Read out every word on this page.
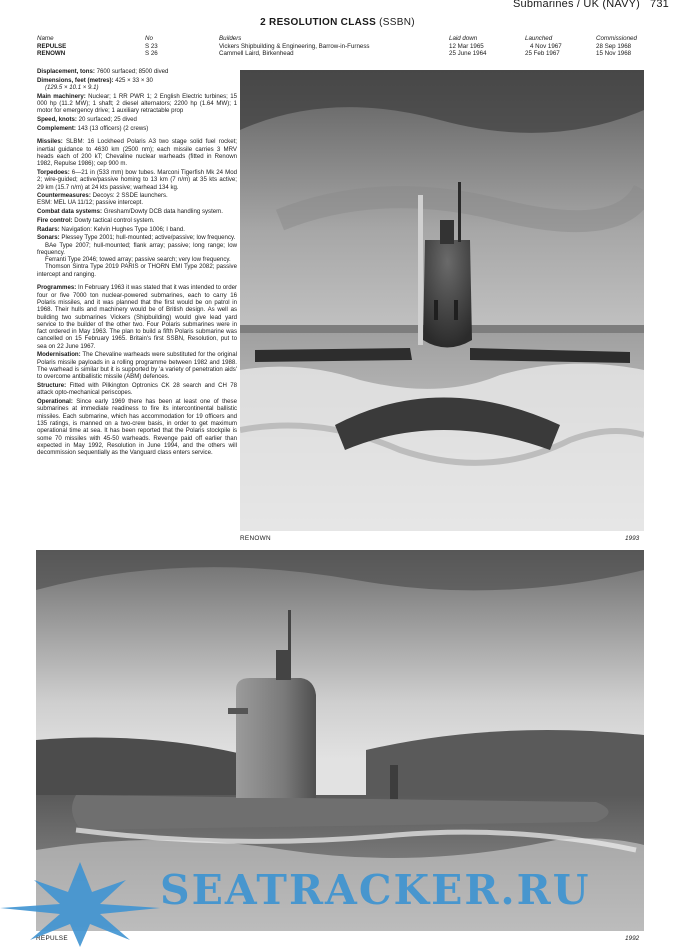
Submarines / UK (NAVY) 731
2 RESOLUTION CLASS (SSBN)
Name	No	Builders	Laid down	Launched	Commissioned
REPULSE	S 23	Vickers Shipbuilding & Engineering, Barrow-in-Furness	12 Mar 1965	4 Nov 1967	28 Sep 1968
RENOWN	S 26	Cammell Laird, Birkenhead	25 June 1964	25 Feb 1967	15 Nov 1968

Displacement, tons: 7600 surfaced; 8500 dived

Dimensions, feet (metres): 425 × 33 × 30
(129.5 × 10.1 × 9.1)

Main machinery: Nuclear; 1 RR PWR 1; 2 English Electric turbines; 15 000 hp (11.2 MW); 1 shaft; 2 diesel alternators; 2200 hp (1.64 MW); 1 motor for emergency drive; 1 auxiliary retractable prop

Speed, knots: 20 surfaced; 25 dived

Complement: 143 (13 officers) (2 crews)

Missiles: SLBM: 16 Lockheed Polaris A3 two stage solid fuel rocket; inertial guidance to 4630 km (2500 nm); each missile carries 3 MRV heads each of 200 kT; Chevaline nuclear warheads (fitted in Renown 1982, Repulse 1986); cep 900 m.

Torpedoes: 6—21 in (533 mm) bow tubes. Marconi Tigerfish Mk 24 Mod 2; wire-guided; active/passive homing to 13 km (7 n/m) at 35 kts active; 29 km (15.7 n/m) at 24 kts passive; warhead 134 kg.

Countermeasures: Decoys: 2 SSDE launchers.
ESM: MEL UA 11/12; passive intercept.

Combat data systems: Gresham/Dowty DCB data handling system.

Fire control: Dowty tactical control system.

Radars: Navigation: Kelvin Hughes Type 1006; I band.

Sonars: Plessey Type 2001; hull-mounted; active/passive; low frequency.
BAe Type 2007; hull-mounted; flank array; passive; long range; low frequency.
Ferranti Type 2046; towed array; passive search; very low frequency.
Thomson Sintra Type 2019 PARIS or THORN EMI Type 2082; passive intercept and ranging.

Programmes: In February 1963 it was stated that it was intended to order four or five 7000 ton nuclear-powered submarines, each to carry 16 Polaris missiles, and it was planned that the first would be on patrol in 1968. Their hulls and machinery would be of British design. As well as building two submarines Vickers (Shipbuilding) would give lead yard service to the builder of the other two. Four Polaris submarines were in fact ordered in May 1963. The plan to build a fifth Polaris submarine was cancelled on 15 February 1965. Britain's first SSBN, Resolution, put to sea on 22 June 1967.

Modernisation: The Chevaline warheads were substituted for the original Polaris missile payloads in a rolling programme between 1982 and 1988. The warhead is similar but it is supported by 'a variety of penetration aids' to overcome antiballistic missile (ABM) defences.

Structure: Fitted with Pilkington Optronics CK 28 search and CH 78 attack opto-mechanical periscopes.

Operational: Since early 1969 there has been at least one of these submarines at immediate readiness to fire its intercontinental ballistic missiles. Each submarine, which has accommodation for 19 officers and 135 ratings, is manned on a two-crew basis, in order to get maximum operational time at sea. It has been reported that the Polaris stockpile is some 70 missiles with 45-50 warheads. Revenge paid off earlier than expected in May 1992, Resolution in June 1994, and the others will decommission sequentially as the Vanguard class enters service.

RENOWN	1993
REPULSE	1992
SEATRACKER.RU
